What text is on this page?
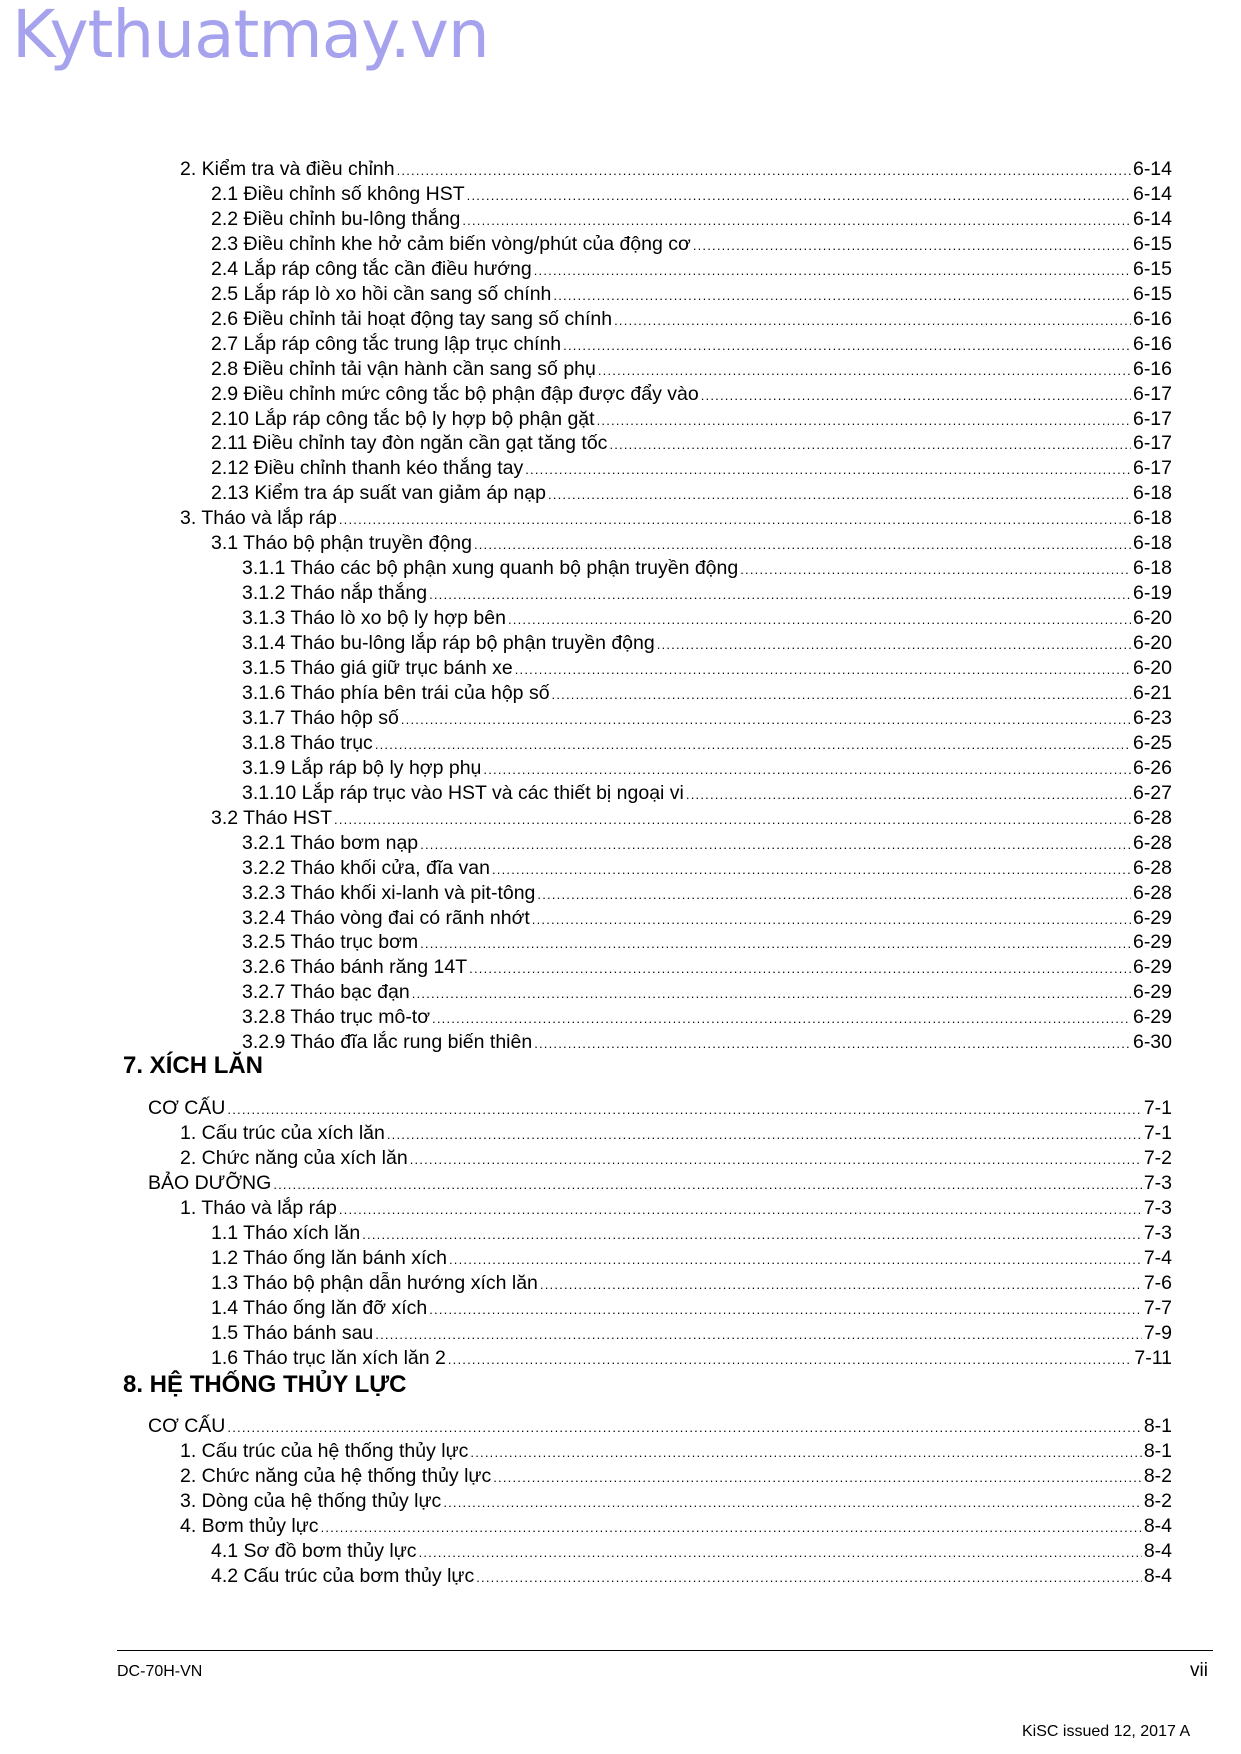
Kythuatmay.vn
2. Kiểm tra và điều chỉnh .....	6-14
2.1 Điều chỉnh số không HST .....	6-14
2.2 Điều chỉnh bu-lông thắng .....	6-14
2.3 Điều chỉnh khe hở cảm biến vòng/phút của động cơ .....	6-15
2.4 Lắp ráp công tắc cần điều hướng .....	6-15
2.5 Lắp ráp lò xo hồi cần sang số chính .....	6-15
2.6 Điều chỉnh tải hoạt động tay sang số chính .....	6-16
2.7 Lắp ráp công tắc trung lập trục chính .....	6-16
2.8 Điều chỉnh tải vận hành cần sang số phụ .....	6-16
2.9 Điều chỉnh mức công tắc bộ phận đập được đẩy vào .....	6-17
2.10 Lắp ráp công tắc bộ ly hợp bộ phận gặt .....	6-17
2.11 Điều chỉnh tay đòn ngăn cần gạt tăng tốc .....	6-17
2.12 Điều chỉnh thanh kéo thắng tay .....	6-17
2.13 Kiểm tra áp suất van giảm áp nạp .....	6-18
3. Tháo và lắp ráp .....	6-18
3.1 Tháo bộ phận truyền động .....	6-18
3.1.1 Tháo các bộ phận xung quanh bộ phận truyền động .....	6-18
3.1.2 Tháo nắp thắng .....	6-19
3.1.3 Tháo lò xo bộ ly hợp bên .....	6-20
3.1.4 Tháo bu-lông lắp ráp bộ phận truyền động .....	6-20
3.1.5 Tháo giá giữ trục bánh xe .....	6-20
3.1.6 Tháo phía bên trái của hộp số .....	6-21
3.1.7 Tháo hộp số .....	6-23
3.1.8 Tháo trục .....	6-25
3.1.9 Lắp ráp bộ ly hợp phụ .....	6-26
3.1.10 Lắp ráp trục vào HST và các thiết bị ngoại vi .....	6-27
3.2 Tháo HST .....	6-28
3.2.1 Tháo bơm nạp .....	6-28
3.2.2 Tháo khối cửa, đĩa van .....	6-28
3.2.3 Tháo khối xi-lanh và pit-tông .....	6-28
3.2.4 Tháo vòng đai có rãnh nhớt .....	6-29
3.2.5 Tháo trục bơm .....	6-29
3.2.6 Tháo bánh răng 14T .....	6-29
3.2.7 Tháo bạc đạn .....	6-29
3.2.8 Tháo trục mô-tơ .....	6-29
3.2.9 Tháo đĩa lắc rung biến thiên .....	6-30
7. XÍCH LĂN
CƠ CẤU .....	7-1
1. Cấu trúc của xích lăn .....	7-1
2. Chức năng của xích lăn .....	7-2
BẢO DƯỠNG .....	7-3
1. Tháo và lắp ráp .....	7-3
1.1 Tháo xích lăn .....	7-3
1.2 Tháo ống lăn bánh xích .....	7-4
1.3 Tháo bộ phận dẫn hướng xích lăn .....	7-6
1.4 Tháo ống lăn đỡ xích .....	7-7
1.5 Tháo bánh sau .....	7-9
1.6 Tháo trục lăn xích lăn 2 .....	7-11
8. HỆ THỐNG THỦY LỰC
CƠ CẤU .....	8-1
1. Cấu trúc của hệ thống thủy lực .....	8-1
2. Chức năng của hệ thống thủy lực .....	8-2
3. Dòng của hệ thống thủy lực .....	8-2
4. Bơm thủy lực .....	8-4
4.1 Sơ đồ bơm thủy lực .....	8-4
4.2 Cấu trúc của bơm thủy lực .....	8-4
DC-70H-VN	vii
KiSC issued 12, 2017 A
